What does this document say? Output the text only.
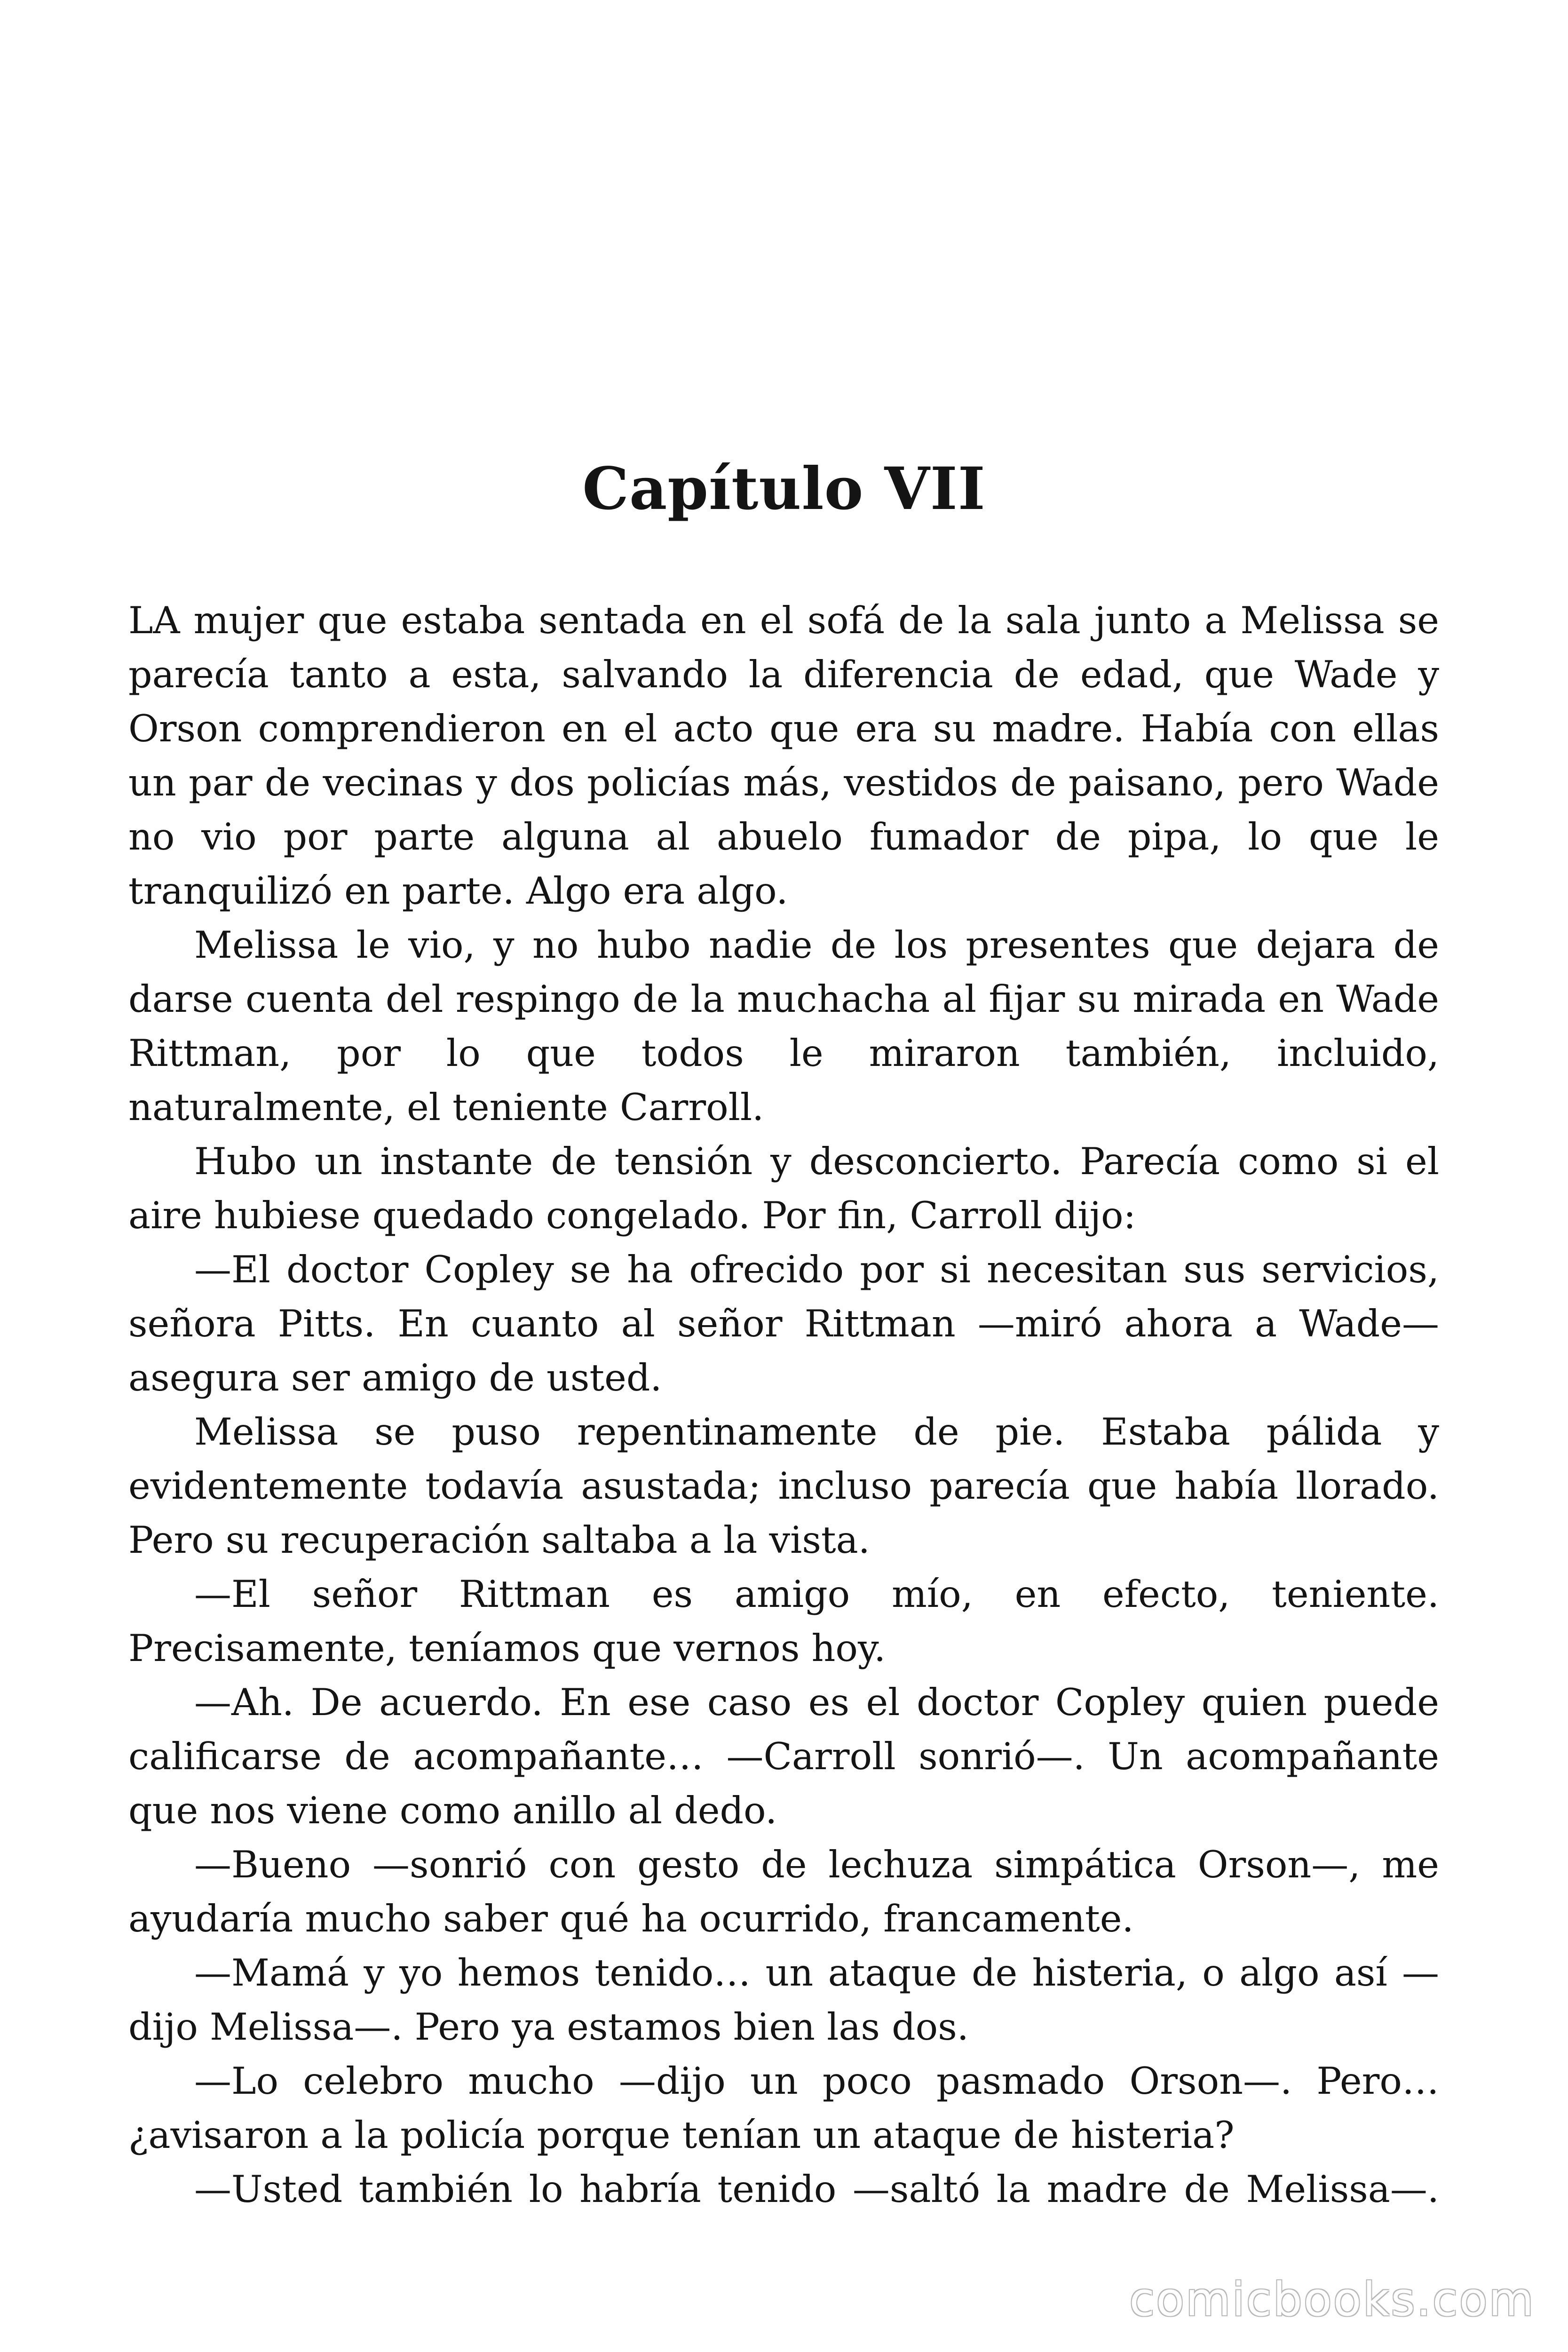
Capítulo VII

LA mujer que estaba sentada en el sofá de la sala junto a Melissa se parecía tanto a esta, salvando la diferencia de edad, que Wade y Orson comprendieron en el acto que era su madre. Había con ellas un par de vecinas y dos policías más, vestidos de paisano, pero Wade no vio por parte alguna al abuelo fumador de pipa, lo que le tranquilizó en parte. Algo era algo.

Melissa le vio, y no hubo nadie de los presentes que dejara de darse cuenta del respingo de la muchacha al fijar su mirada en Wade Rittman, por lo que todos le miraron también, incluido, naturalmente, el teniente Carroll.

Hubo un instante de tensión y desconcierto. Parecía como si el aire hubiese quedado congelado. Por fin, Carroll dijo:

—El doctor Copley se ha ofrecido por si necesitan sus servicios, señora Pitts. En cuanto al señor Rittman —miró ahora a Wade— asegura ser amigo de usted.

Melissa se puso repentinamente de pie. Estaba pálida y evidentemente todavía asustada; incluso parecía que había llorado. Pero su recuperación saltaba a la vista.

—El señor Rittman es amigo mío, en efecto, teniente. Precisamente, teníamos que vernos hoy.

—Ah. De acuerdo. En ese caso es el doctor Copley quien puede calificarse de acompañante… —Carroll sonrió—. Un acompañante que nos viene como anillo al dedo.

—Bueno —sonrió con gesto de lechuza simpática Orson—, me ayudaría mucho saber qué ha ocurrido, francamente.

—Mamá y yo hemos tenido… un ataque de histeria, o algo así —dijo Melissa—. Pero ya estamos bien las dos.

—Lo celebro mucho —dijo un poco pasmado Orson—. Pero… ¿avisaron a la policía porque tenían un ataque de histeria?

—Usted también lo habría tenido —saltó la madre de Melissa—.

comicbooks.com
